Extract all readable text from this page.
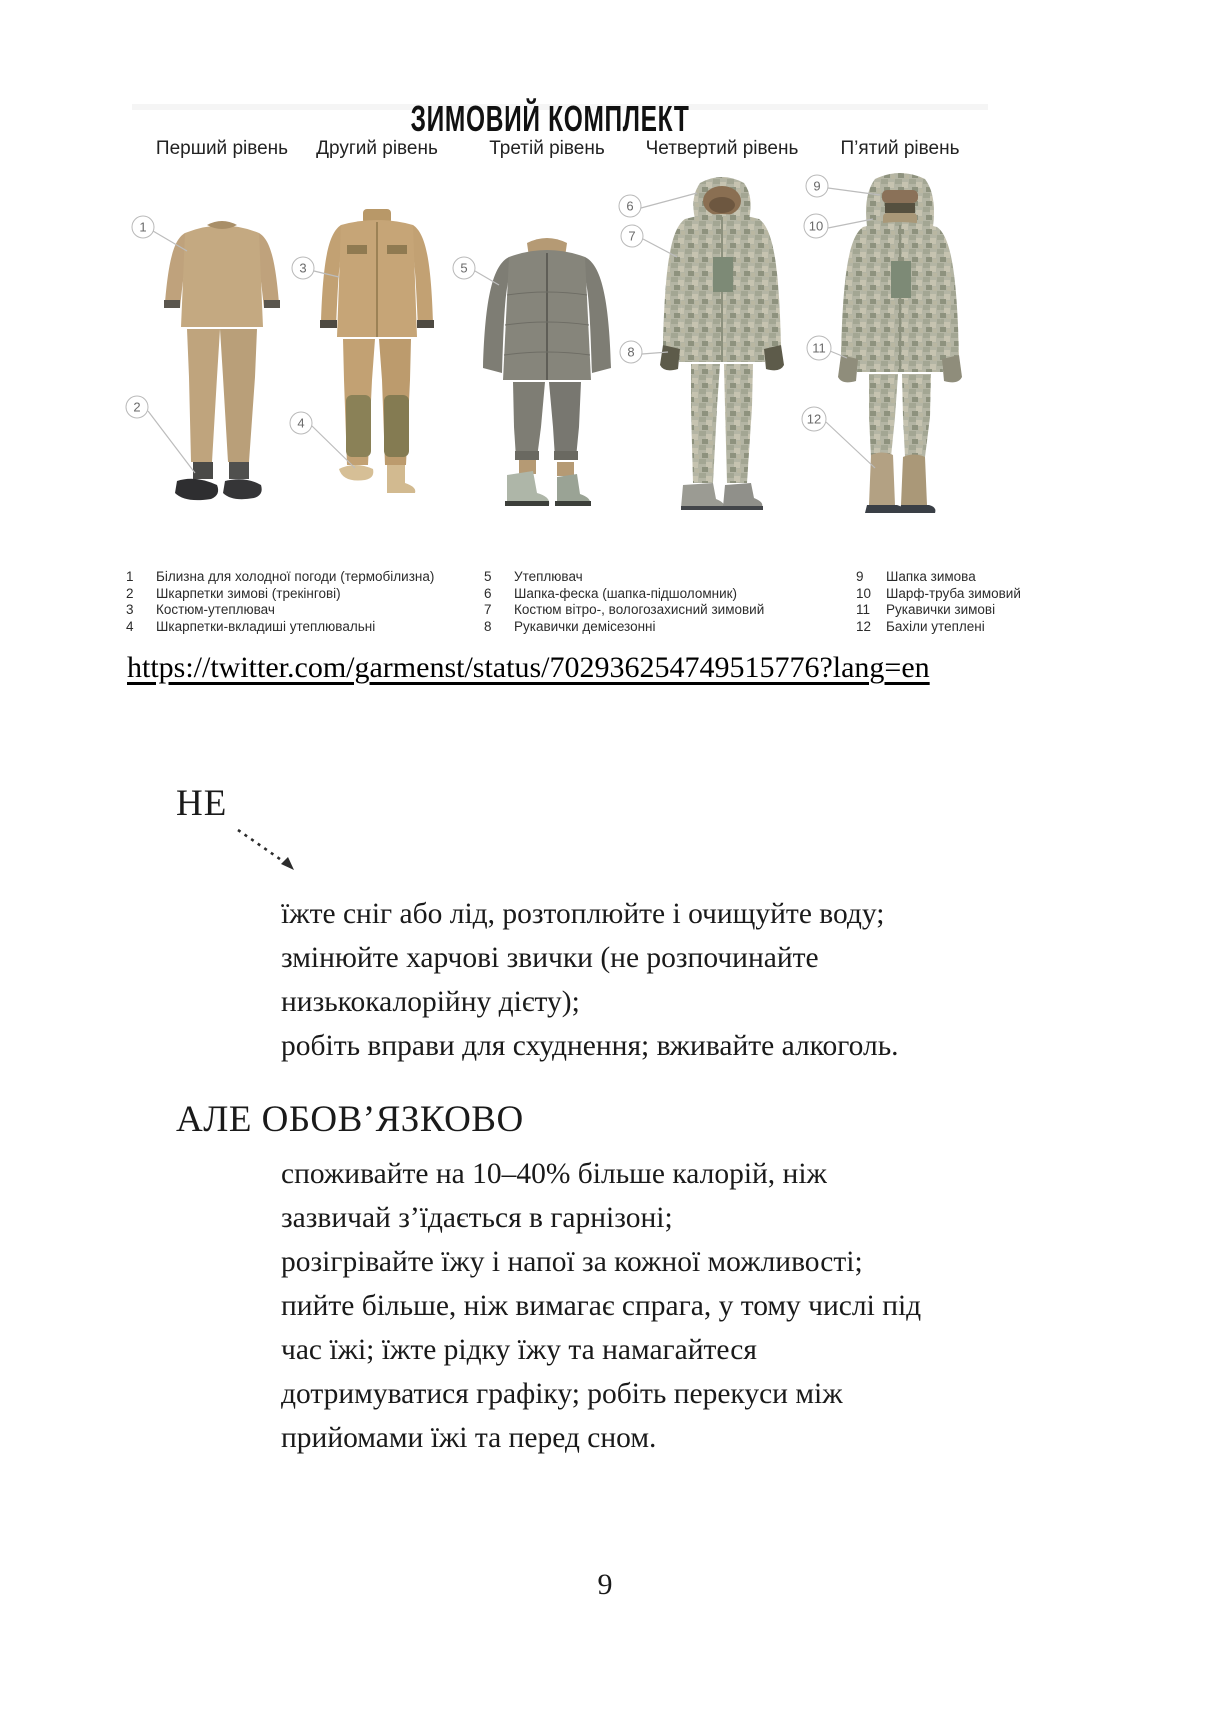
ЗИМОВИЙ КОМПЛЕКТ
Перший рівень	Другий рівень	Третій рівень	Четвертий рівень	П’ятий рівень
1
2
3
4
5
6
7
8
9
10
11
12
1	Білизна для холодної погоди (термобілизна)
2	Шкарпетки зимові (трекінгові)
3	Костюм-утеплювач
4	Шкарпетки-вкладиші утеплювальні
5	Утеплювач
6	Шапка-феска (шапка-підшоломник)
7	Костюм вітро-, вологозахисний зимовий
8	Рукавички демісезонні
9	Шапка зимова
10	Шарф-труба зимовий
11	Рукавички зимові
12	Бахіли утеплені
https://twitter.com/garmenst/status/702936254749515776?lang=en
НЕ
їжте сніг або лід, розтоплюйте і очищуйте воду;
змінюйте харчові звички (не розпочинайте
низькокалорійну дієту);
робіть вправи для схуднення; вживайте алкоголь.
АЛЕ ОБОВ’ЯЗКОВО
споживайте на 10–40% більше калорій, ніж
зазвичай з’їдається в гарнізоні;
розігрівайте їжу і напої за кожної можливості;
пийте більше, ніж вимагає спрага, у тому числі під
час їжі; їжте рідку їжу та намагайтеся
дотримуватися графіку; робіть перекуси між
прийомами їжі та перед сном.
9
